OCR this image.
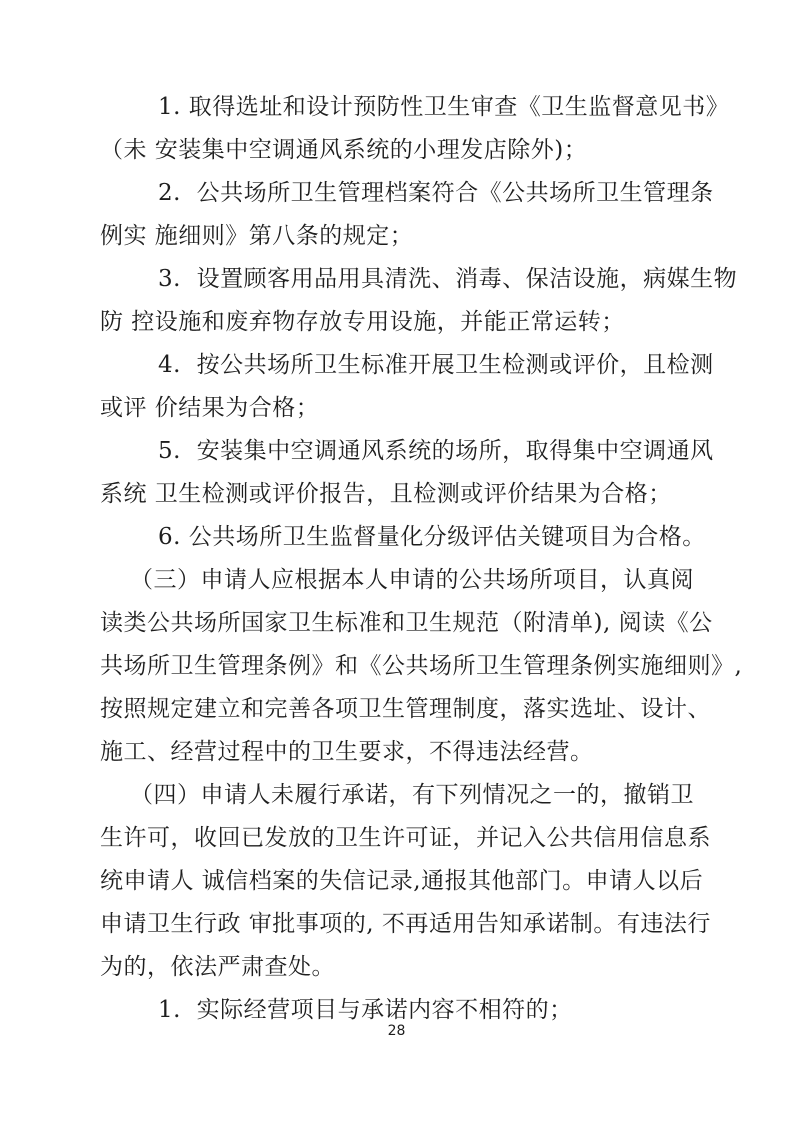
1. 取得选址和设计预防性卫生审查《卫生监督意见书》
（未 安装集中空调通风系统的小理发店除外)；
2.  公共场所卫生管理档案符合《公共场所卫生管理条
例实 施细则》第八条的规定；
3.  设置顾客用品用具清洗、消毒、保洁设施，病媒生物
防 控设施和废弃物存放专用设施，并能正常运转；
4.  按公共场所卫生标准开展卫生检测或评价，且检测
或评 价结果为合格；
5.  安装集中空调通风系统的场所，取得集中空调通风
系统 卫生检测或评价报告，且检测或评价结果为合格；
6. 公共场所卫生监督量化分级评估关键项目为合格。
（三）申请人应根据本人申请的公共场所项目，认真阅
读类公共场所国家卫生标准和卫生规范（附清单), 阅读《公
共场所卫生管理条例》和《公共场所卫生管理条例实施细则》,
按照规定建立和完善各项卫生管理制度，落实选址、设计、
施工、经营过程中的卫生要求，不得违法经营。
（四）申请人未履行承诺，有下列情况之一的，撤销卫
生许可，收回已发放的卫生许可证，并记入公共信用信息系
统申请人 诚信档案的失信记录,通报其他部门。申请人以后
申请卫生行政 审批事项的, 不再适用告知承诺制。有违法行
为的，依法严肃查处。
1.  实际经营项目与承诺内容不相符的；
28
